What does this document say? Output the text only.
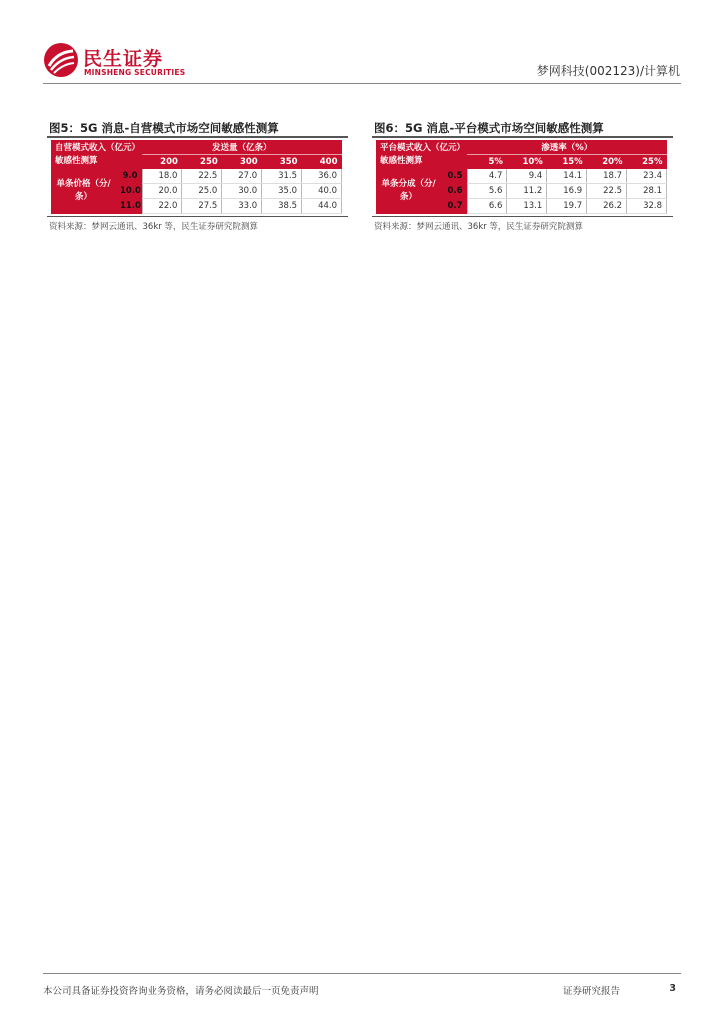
民生证券
MINSHENG SECURITIES	梦网科技(002123)/计算机
图5：5G 消息-自营模式市场空间敏感性测算
自营模式收入（亿元）敏感性测算		发送量（亿条）				
		200	250	300	350	400
单条价格（分/条）	9.0	18.0	22.5	27.0	31.5	36.0
	10.0	20.0	25.0	30.0	35.0	40.0
	11.0	22.0	27.5	33.0	38.5	44.0
资料来源：梦网云通讯、36kr 等，民生证券研究院测算
图6：5G 消息-平台模式市场空间敏感性测算
平台模式收入（亿元）敏感性测算		渗透率（%）				
		5%	10%	15%	20%	25%
单条分成（分/条）	0.5	4.7	9.4	14.1	18.7	23.4
	0.6	5.6	11.2	16.9	22.5	28.1
	0.7	6.6	13.1	19.7	26.2	32.8
资料来源：梦网云通讯、36kr 等，民生证券研究院测算
本公司具备证券投资咨询业务资格，请务必阅读最后一页免责声明	证券研究报告	3
